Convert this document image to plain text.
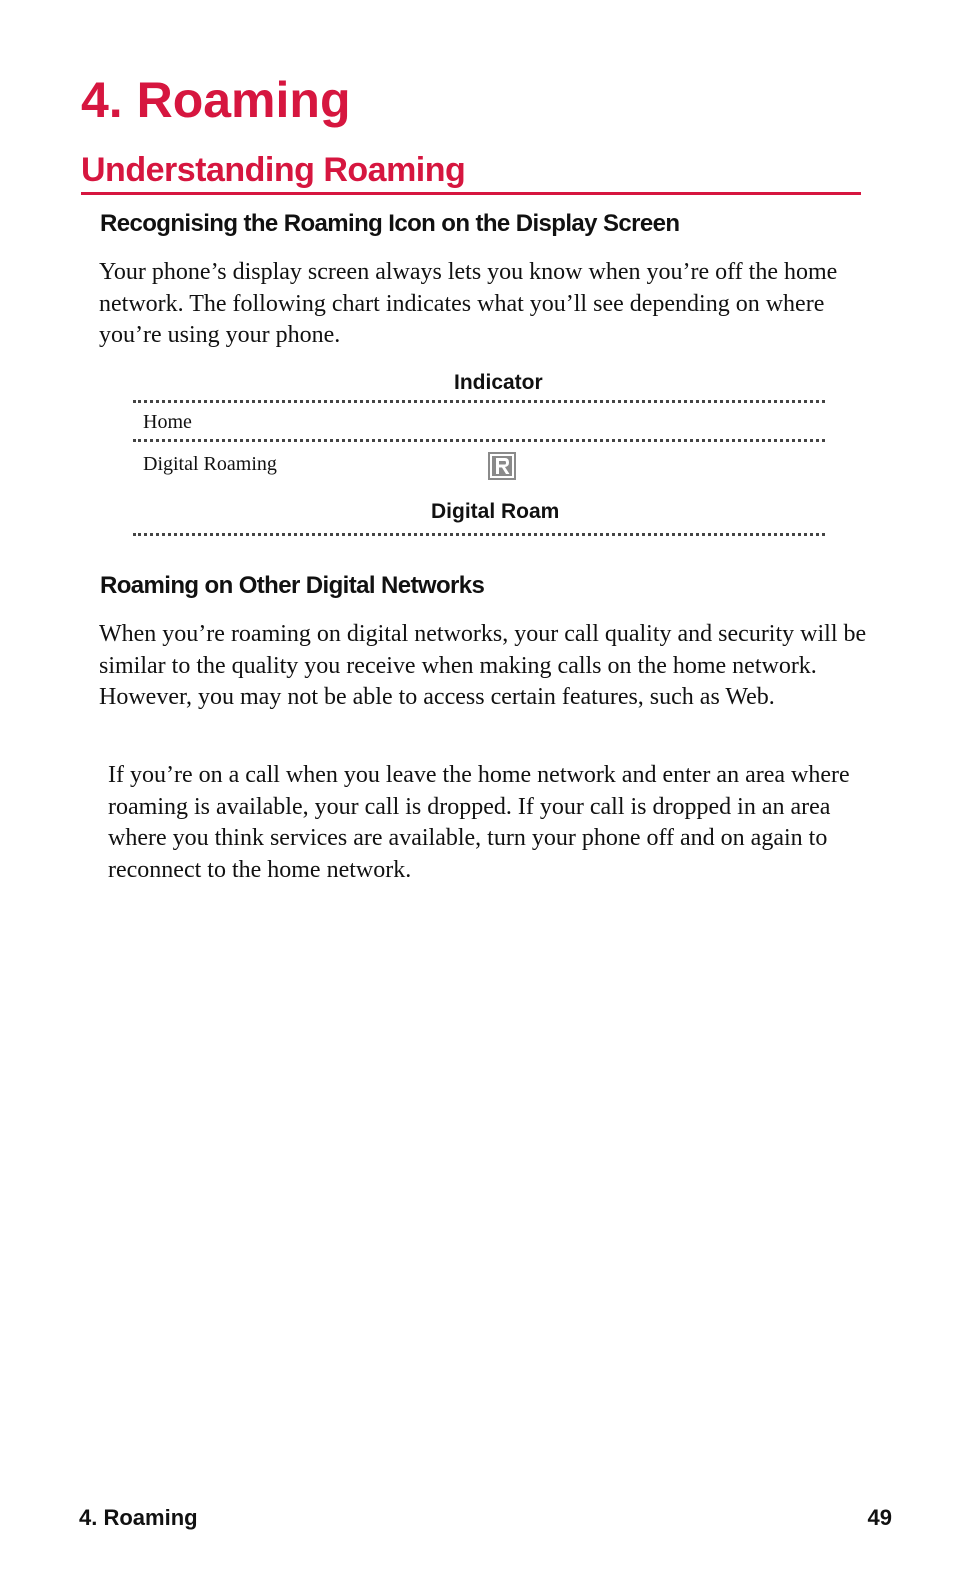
4. Roaming
Understanding Roaming
Recognising the Roaming Icon on the Display Screen

Your phone’s display screen always lets you know when you’re off the home network. The following chart indicates what you’ll see depending on where you’re using your phone.

Indicator
Home
Digital Roaming
Digital Roam
Roaming on Other Digital Networks

When you’re roaming on digital networks, your call quality and security will be similar to the quality you receive when making calls on the home network. However, you may not be able to access certain features, such as Web.

If you’re on a call when you leave the home network and enter an area where roaming is available, your call is dropped. If your call is dropped in an area where you think services are available, turn your phone off and on again to reconnect to the home network.

4. Roaming	49
